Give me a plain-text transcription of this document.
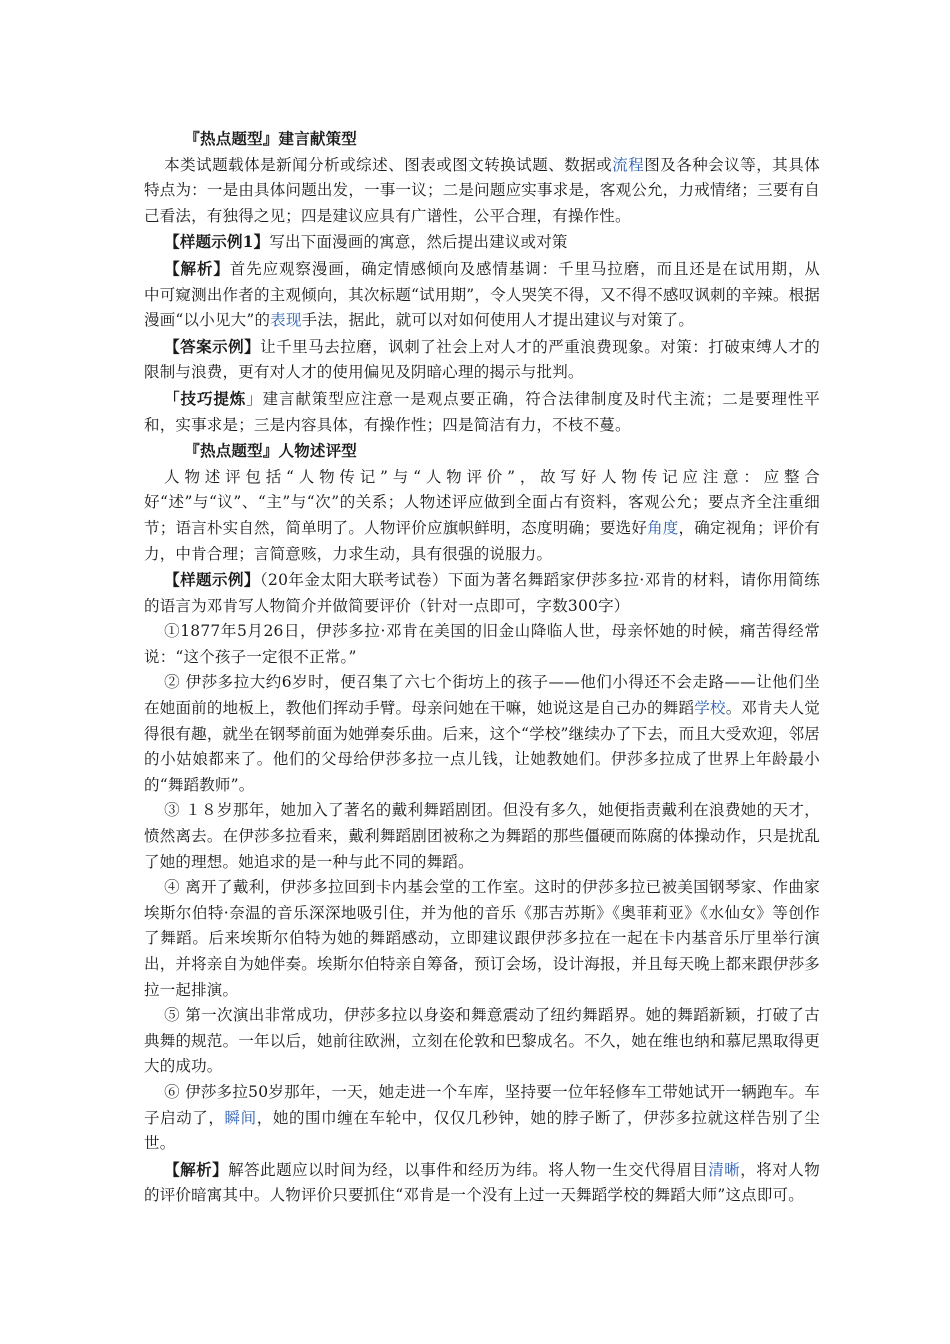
『热点题型』建言献策型

本类试题载体是新闻分析或综述、图表或图文转换试题、数据或流程图及各种会议等，其具体特点为：一是由具体问题出发，一事一议；二是问题应实事求是，客观公允，力戒情绪；三要有自己看法，有独得之见；四是建议应具有广谱性，公平合理，有操作性。

【样题示例1】写出下面漫画的寓意，然后提出建议或对策

【解析】首先应观察漫画，确定情感倾向及感情基调：千里马拉磨，而且还是在试用期，从　中可窥测出作者的主观倾向，其次标题“试用期”，令人哭笑不得，又不得不感叹讽刺的辛辣。根据漫画“以小见大”的表现手法，据此，就可以对如何使用人才提出建议与对策了。

【答案示例】让千里马去拉磨，讽刺了社会上对人才的严重浪费现象。对策：打破束缚人才的限制与浪费，更有对人才的使用偏见及阴暗心理的揭示与批判。

「技巧提炼」建言献策型应注意一是观点要正确，符合法律制度及时代主流；二是要理性平和，实事求是；三是内容具体，有操作性；四是简洁有力，不枝不蔓。

『热点题型』人物述评型

人物述评包括“人物传记”与“人物评价”，故写好人物传记应注意：应整合好“述”与“议”、“主”与“次”的关系；人物述评应做到全面占有资料，客观公允；要点齐全注重细节；语言朴实自然，简单明了。人物评价应旗帜鲜明，态度明确；要选好角度，确定视角；评价有力，中肯合理；言简意赅，力求生动，具有很强的说服力。

【样题示例】（20年金太阳大联考试卷）下面为著名舞蹈家伊莎多拉·邓肯的材料，请你用简练的语言为邓肯写人物简介并做简要评价（针对一点即可，字数300字）

①1877年5月26日，伊莎多拉·邓肯在美国的旧金山降临人世，母亲怀她的时候，痛苦得经常说：“这个孩子一定很不正常。”

② 伊莎多拉大约6岁时，便召集了六七个街坊上的孩子——他们小得还不会走路——让他们坐在她面前的地板上，教他们挥动手臂。母亲问她在干嘛，她说这是自己办的舞蹈学校。邓肯夫人觉得很有趣，就坐在钢琴前面为她弹奏乐曲。后来，这个“学校”继续办了下去，而且大受欢迎，邻居的小姑娘都来了。他们的父母给伊莎多拉一点儿钱，让她教她们。伊莎多拉成了世界上年龄最小的“舞蹈教师”。

③ １８岁那年，她加入了著名的戴利舞蹈剧团。但没有多久，她便指责戴利在浪费她的天才，愤然离去。在伊莎多拉看来，戴利舞蹈剧团被称之为舞蹈的那些僵硬而陈腐的体操动作，只是扰乱了她的理想。她追求的是一种与此不同的舞蹈。

④ 离开了戴利，伊莎多拉回到卡内基会堂的工作室。这时的伊莎多拉已被美国钢琴家、作曲家埃斯尔伯特·奈温的音乐深深地吸引住，并为他的音乐《那吉苏斯》《奥菲莉亚》《水仙女》等创作了舞蹈。后来埃斯尔伯特为她的舞蹈感动，立即建议跟伊莎多拉在一起在卡内基音乐厅里举行演出，并将亲自为她伴奏。埃斯尔伯特亲自筹备，预订会场，设计海报，并且每天晚上都来跟伊莎多拉一起排演。

⑤ 第一次演出非常成功，伊莎多拉以身姿和舞意震动了纽约舞蹈界。她的舞蹈新颖，打破了古典舞的规范。一年以后，她前往欧洲，立刻在伦敦和巴黎成名。不久，她在维也纳和慕尼黑取得更大的成功。

⑥ 伊莎多拉50岁那年，一天，她走进一个车库，坚持要一位年轻修车工带她试开一辆跑车。车子启动了，瞬间，她的围巾缠在车轮中，仅仅几秒钟，她的脖子断了，伊莎多拉就这样告别了尘世。

【解析】解答此题应以时间为经，以事件和经历为纬。将人物一生交代得眉目清晰，将对人物的评价暗寓其中。人物评价只要抓住“邓肯是一个没有上过一天舞蹈学校的舞蹈大师”这点即可。
